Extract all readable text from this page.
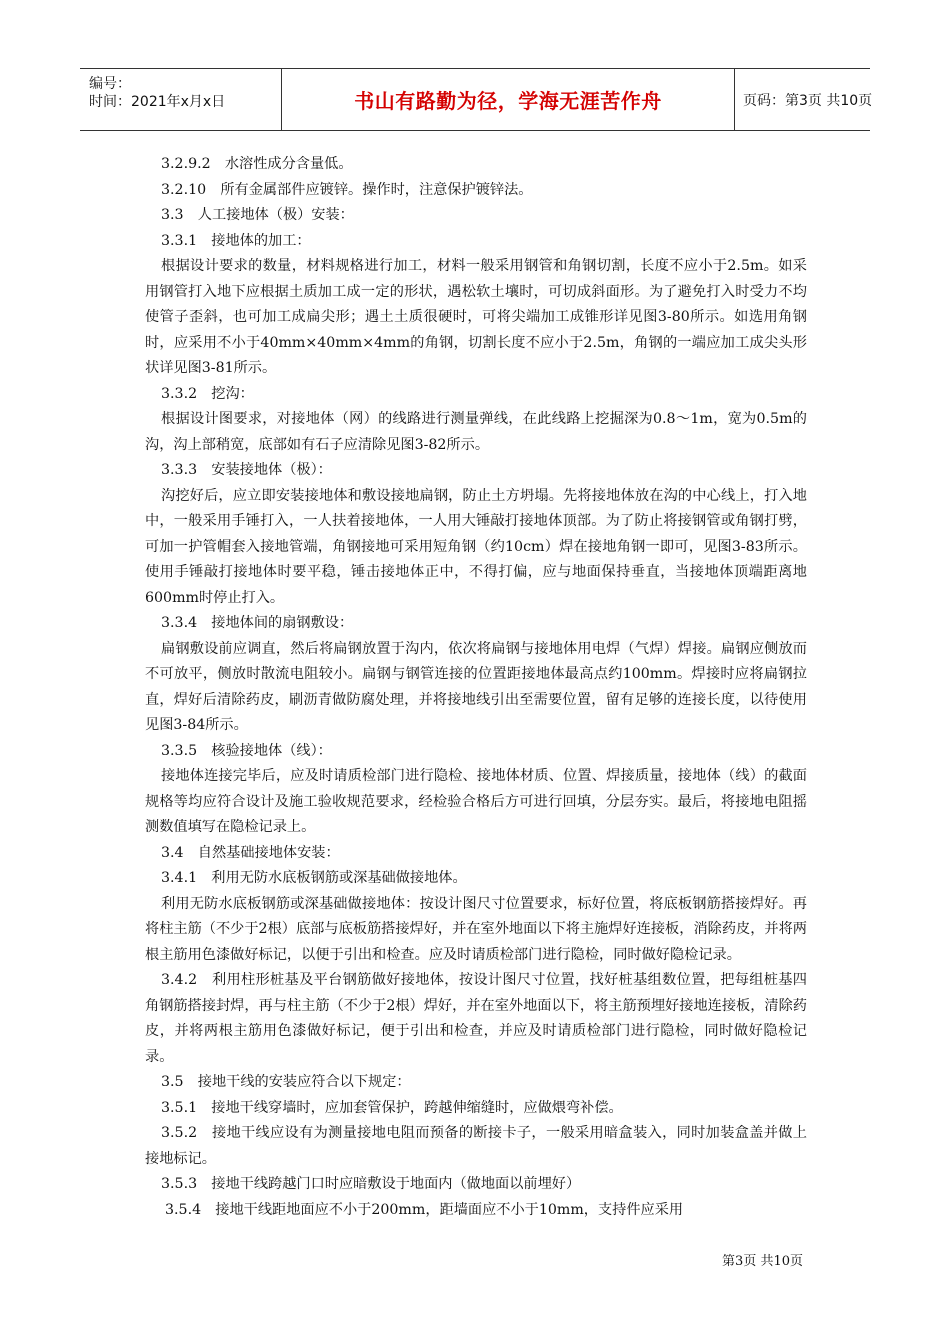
编号：
时间：2021年x月x日	书山有路勤为径，学海无涯苦作舟	页码：第3页 共10页

3.2.9.2　水溶性成分含量低。

3.2.10　所有金属部件应镀锌。操作时，注意保护镀锌法。

3.3　人工接地体（极）安装：

3.3.1　接地体的加工：

根据设计要求的数量，材料规格进行加工，材料一般采用钢管和角钢切割，长度不应小于2.5m。如采用钢管打入地下应根据土质加工成一定的形状，遇松软土壤时，可切成斜面形。为了避免打入时受力不均使管子歪斜，也可加工成扁尖形；遇土土质很硬时，可将尖端加工成锥形详见图3-80所示。如选用角钢时，应采用不小于40mm×40mm×4mm的角钢，切割长度不应小于2.5m，角钢的一端应加工成尖头形状详见图3-81所示。

3.3.2　挖沟：

根据设计图要求，对接地体（网）的线路进行测量弹线，在此线路上挖掘深为0.8～1m，宽为0.5m的沟，沟上部稍宽，底部如有石子应清除见图3-82所示。

3.3.3　安装接地体（极）：

沟挖好后，应立即安装接地体和敷设接地扁钢，防止土方坍塌。先将接地体放在沟的中心线上，打入地中，一般采用手锤打入，一人扶着接地体，一人用大锤敲打接地体顶部。为了防止将接钢管或角钢打劈，可加一护管帽套入接地管端，角钢接地可采用短角钢（约10cm）焊在接地角钢一即可，见图3-83所示。使用手锤敲打接地体时要平稳，锤击接地体正中，不得打偏，应与地面保持垂直，当接地体顶端距离地600mm时停止打入。

3.3.4　接地体间的扇钢敷设：

扁钢敷设前应调直，然后将扁钢放置于沟内，依次将扁钢与接地体用电焊（气焊）焊接。扁钢应侧放而不可放平，侧放时散流电阻较小。扁钢与钢管连接的位置距接地体最高点约100mm。焊接时应将扁钢拉直，焊好后清除药皮，刷沥青做防腐处理，并将接地线引出至需要位置，留有足够的连接长度，以待使用见图3-84所示。

3.3.5　核验接地体（线）：

接地体连接完毕后，应及时请质检部门进行隐检、接地体材质、位置、焊接质量，接地体（线）的截面规格等均应符合设计及施工验收规范要求，经检验合格后方可进行回填，分层夯实。最后，将接地电阻摇测数值填写在隐检记录上。

3.4　自然基础接地体安装：

3.4.1　利用无防水底板钢筋或深基础做接地体。

利用无防水底板钢筋或深基础做接地体：按设计图尺寸位置要求，标好位置，将底板钢筋搭接焊好。再将柱主筋（不少于2根）底部与底板筋搭接焊好，并在室外地面以下将主施焊好连接板，消除药皮，并将两根主筋用色漆做好标记，以便于引出和检查。应及时请质检部门进行隐检，同时做好隐检记录。

3.4.2　利用柱形桩基及平台钢筋做好接地体，按设计图尺寸位置，找好桩基组数位置，把每组桩基四角钢筋搭接封焊，再与柱主筋（不少于2根）焊好，并在室外地面以下，将主筋预埋好接地连接板，清除药皮，并将两根主筋用色漆做好标记，便于引出和检查，并应及时请质检部门进行隐检，同时做好隐检记录。

3.5　接地干线的安装应符合以下规定：

3.5.1　接地干线穿墙时，应加套管保护，跨越伸缩缝时，应做煨弯补偿。

3.5.2　接地干线应设有为测量接地电阻而预备的断接卡子，一般采用暗盒装入，同时加装盒盖并做上接地标记。

3.5.3　接地干线跨越门口时应暗敷设于地面内（做地面以前埋好）

3.5.4　接地干线距地面应不小于200mm，距墙面应不小于10mm，支持件应采用

第3页 共10页
